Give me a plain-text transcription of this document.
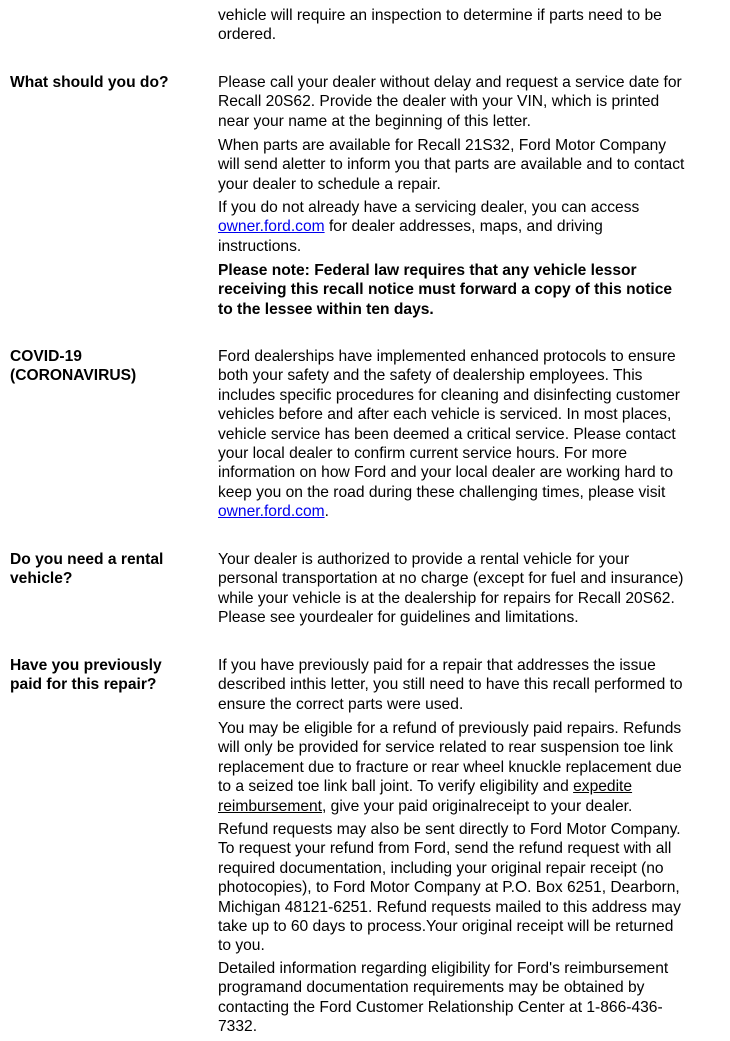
vehicle will require an inspection to determine if parts need to be

ordered.

What should you do?	Please call your dealer without delay and request a service date for

Recall 20S62. Provide the dealer with your VIN, which is printed

near your name at the beginning of this letter.

When parts are available for Recall 21S32, Ford Motor Company

will send aletter to inform you that parts are available and to contact

your dealer to schedule a repair.

If you do not already have a servicing dealer, you can access

owner.ford.com for dealer addresses, maps, and driving

instructions.

Please note: Federal law requires that any vehicle lessor

receiving this recall notice must forward a copy of this notice

to the lessee within ten days.

COVID-19
(CORONAVIRUS)

Ford dealerships have implemented enhanced protocols to ensure

both your safety and the safety of dealership employees. This

includes specific procedures for cleaning and disinfecting customer

vehicles before and after each vehicle is serviced. In most places,

vehicle service has been deemed a critical service. Please contact

your local dealer to confirm current service hours. For more

information on how Ford and your local dealer are working hard to

keep you on the road during these challenging times, please visit

owner.ford.com.

Do you need a rental
vehicle?

Your dealer is authorized to provide a rental vehicle for your

personal transportation at no charge (except for fuel and insurance)

while your vehicle is at the dealership for repairs for Recall 20S62.

Please see yourdealer for guidelines and limitations.

Have you previously
paid for this repair?

If you have previously paid for a repair that addresses the issue

described inthis letter, you still need to have this recall performed to

ensure the correct parts were used.

You may be eligible for a refund of previously paid repairs. Refunds

will only be provided for service related to rear suspension toe link

replacement due to fracture or rear wheel knuckle replacement due

to a seized toe link ball joint. To verify eligibility and expedite

reimbursement, give your paid originalreceipt to your dealer.

Refund requests may also be sent directly to Ford Motor Company.

To request your refund from Ford, send the refund request with all

required documentation, including your original repair receipt (no

photocopies), to Ford Motor Company at P.O. Box 6251, Dearborn,

Michigan 48121-6251. Refund requests mailed to this address may

take up to 60 days to process.Your original receipt will be returned

to you.

Detailed information regarding eligibility for Ford's reimbursement

programand documentation requirements may be obtained by

contacting the Ford Customer Relationship Center at 1-866-436-

7332.
